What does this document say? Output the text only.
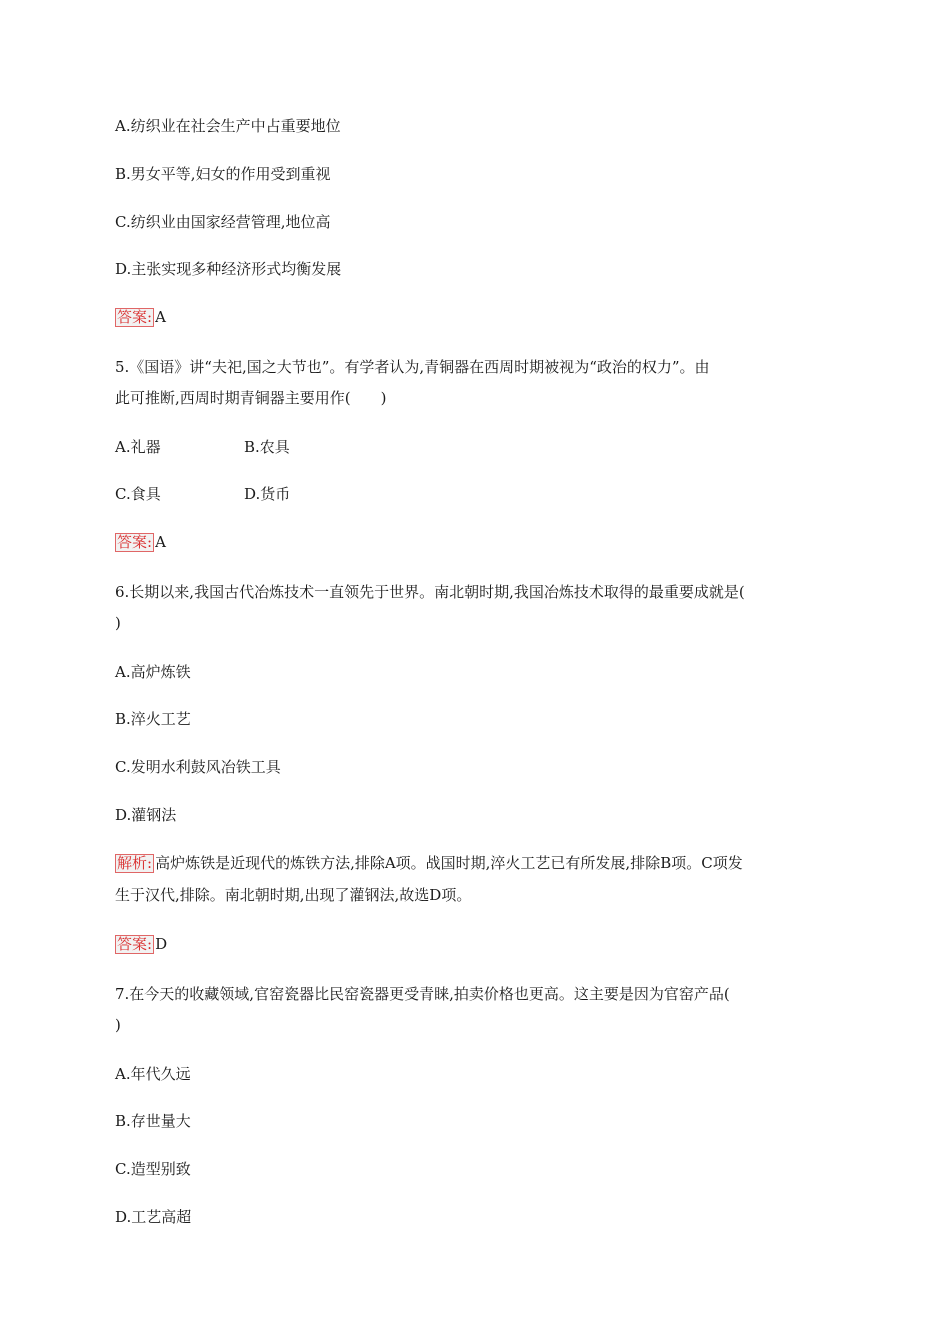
A.纺织业在社会生产中占重要地位
B.男女平等,妇女的作用受到重视
C.纺织业由国家经营管理,地位高
D.主张实现多种经济形式均衡发展
答案: A
5.《国语》讲“夫祀,国之大节也”。有学者认为,青铜器在西周时期被视为“政治的权力”。由
此可推断,西周时期青铜器主要用作(　　)
A.礼器	B.农具
C.食具	D.货币
答案: A
6.长期以来,我国古代冶炼技术一直领先于世界。南北朝时期,我国冶炼技术取得的最重要成就是(
)
A.高炉炼铁
B.淬火工艺
C.发明水利鼓风冶铁工具
D.灌钢法
解析: 高炉炼铁是近现代的炼铁方法,排除A项。战国时期,淬火工艺已有所发展,排除B项。C项发
生于汉代,排除。南北朝时期,出现了灌钢法,故选D项。
答案: D
7.在今天的收藏领域,官窑瓷器比民窑瓷器更受青睐,拍卖价格也更高。这主要是因为官窑产品(
)
A.年代久远
B.存世量大
C.造型别致
D.工艺高超
